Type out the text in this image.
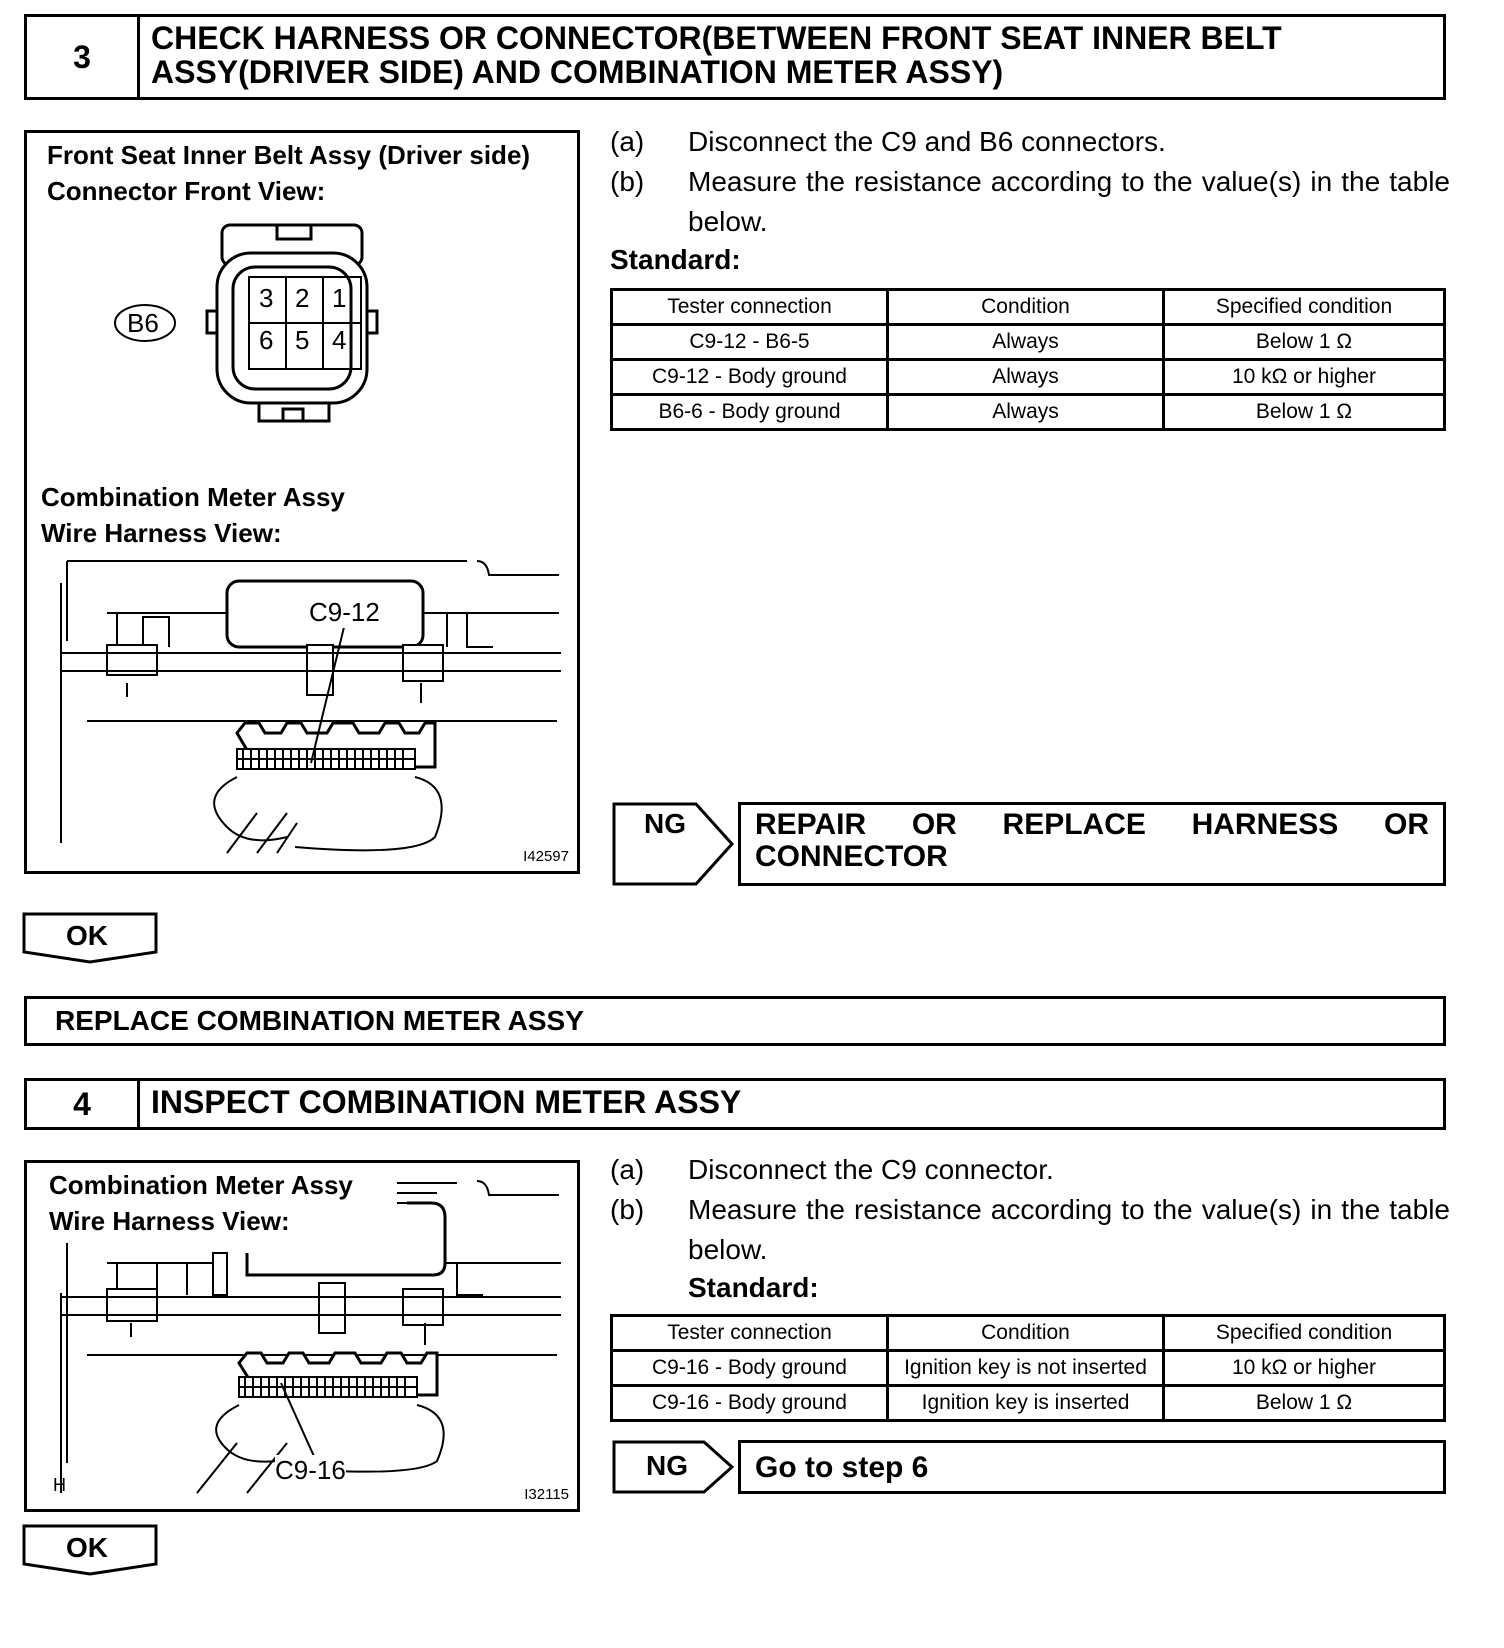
3
CHECK HARNESS OR CONNECTOR(BETWEEN FRONT SEAT INNER BELT ASSY(DRIVER SIDE) AND COMBINATION METER ASSY)
Front Seat Inner Belt Assy (Driver side)
Connector Front View:
B6
3 2 1
6 5 4
Combination Meter Assy
Wire Harness View:
C9-12
I42597
(a) Disconnect the C9 and B6 connectors.
(b) Measure the resistance according to the value(s) in the table below.
Standard:
Tester connection	Condition	Specified condition
C9-12 - B6-5	Always	Below 1 Ω
C9-12 - Body ground	Always	10 kΩ or higher
B6-6 - Body ground	Always	Below 1 Ω
NG REPAIR OR REPLACE HARNESS OR CONNECTOR
OK
REPLACE COMBINATION METER ASSY
4	INSPECT COMBINATION METER ASSY
Combination Meter Assy
Wire Harness View:
C9-16
H	I32115
(a) Disconnect the C9 connector.
(b) Measure the resistance according to the value(s) in the table below.
Standard:
Tester connection	Condition	Specified condition
C9-16 - Body ground	Ignition key is not inserted	10 kΩ or higher
C9-16 - Body ground	Ignition key is inserted	Below 1 Ω
NG Go to step 6
OK
